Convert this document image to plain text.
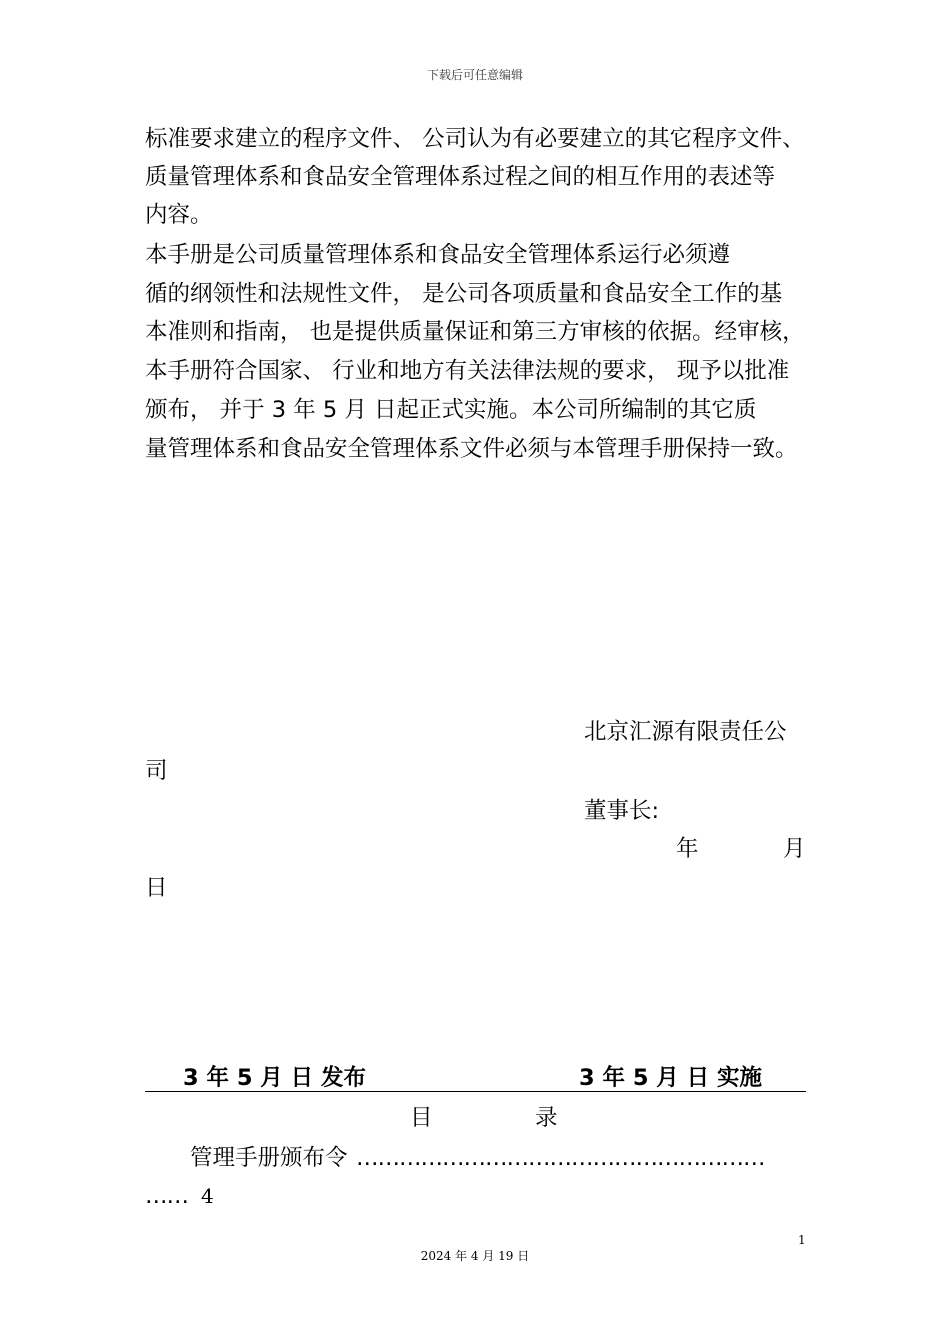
下载后可任意编辑
标准要求建立的程序文件、 公司认为有必要建立的其它程序文件、
质量管理体系和食品安全管理体系过程之间的相互作用的表述等
内容。
本手册是公司质量管理体系和食品安全管理体系运行必须遵
循的纲领性和法规性文件， 是公司各项质量和食品安全工作的基
本准则和指南， 也是提供质量保证和第三方审核的依据。经审核，
本手册符合国家、 行业和地方有关法律法规的要求， 现予以批准
颁布， 并于 3 年 5 月 日起正式实施。本公司所编制的其它质
量管理体系和食品安全管理体系文件必须与本管理手册保持一致。
北京汇源有限责任公
司
董事长:
年	月
日
3 年 5 月 日 发布	3 年 5 月 日 实施
目	录
管理手册颁布令 …………………………………………………
…… 4
1
2024 年 4 月 19 日
